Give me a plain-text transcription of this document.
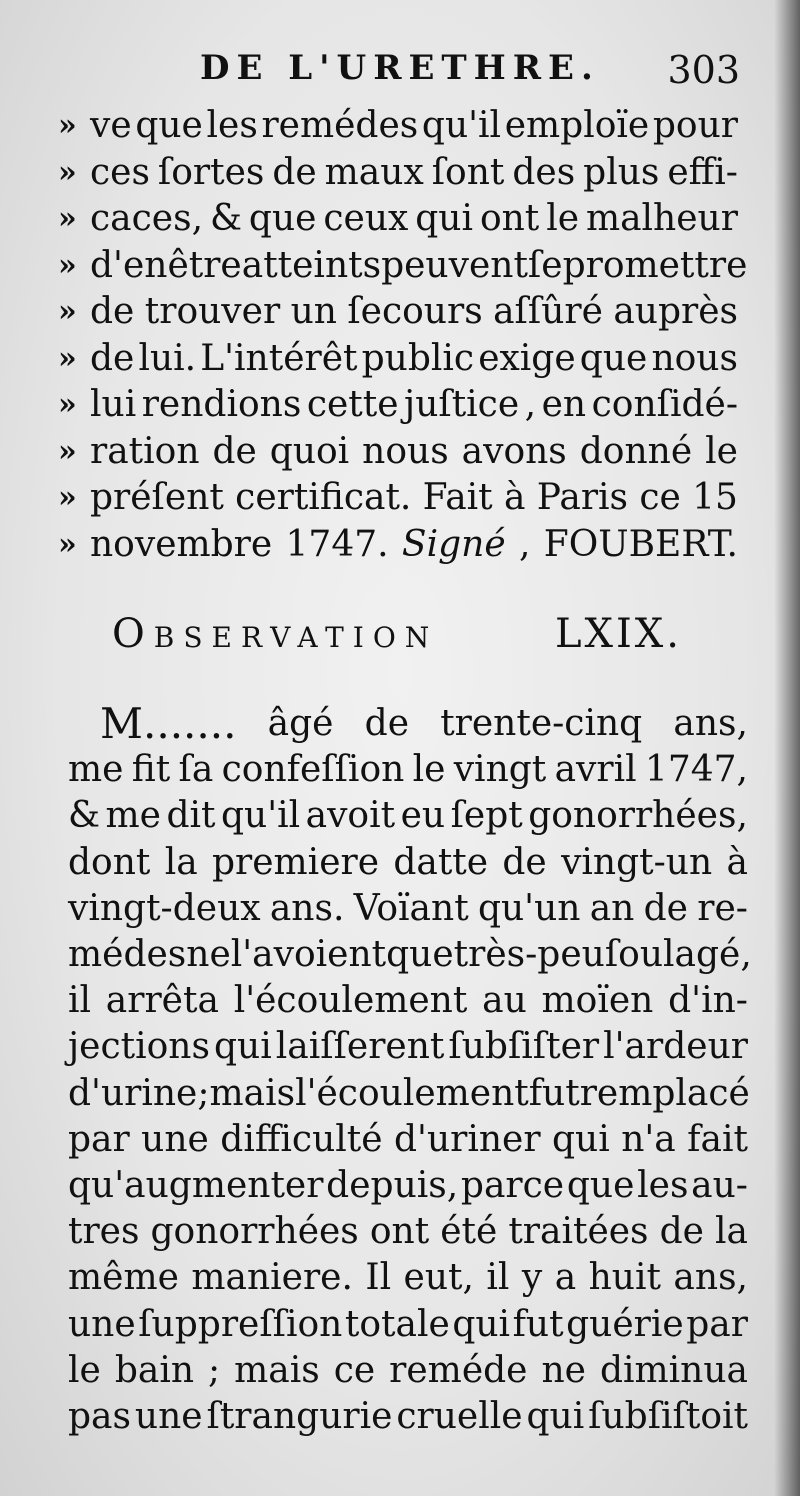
DE L'URETHRE. 303
» ve que les remédes qu'il emploïe pour
» ces ſortes de maux ſont des plus effi-
» caces, & que ceux qui ont le malheur
» d'en être atteints peuvent ſe promettre
» de trouver un ſecours aſſûré auprès
» de lui. L'intérêt public exige que nous
» lui rendions cette juſtice , en conſidé-
» ration de quoi nous avons donné le
» préſent certificat. Fait à Paris ce 15
» novembre 1747. Signé , FOUBERT.
Observation	LXIX.
M....... âgé de trente-cinq ans,
me fit ſa confeſſion le vingt avril 1747,
& me dit qu'il avoit eu ſept gonorrhées,
dont la premiere datte de vingt-un à
vingt-deux ans. Voïant qu'un an de re-
médes ne l'avoient que très-peu ſoulagé,
il arrêta l'écoulement au moïen d'in-
jections qui laiſſerent ſubſiſter l'ardeur
d'urine ; mais l'écoulement fut remplacé
par une difficulté d'uriner qui n'a fait
qu'augmenter depuis, parce que les au-
tres gonorrhées ont été traitées de la
même maniere. Il eut, il y a huit ans,
une ſuppreſſion totale qui fut guérie par
le bain ; mais ce reméde ne diminua
pas une ſtrangurie cruelle qui ſubſiſtoit
